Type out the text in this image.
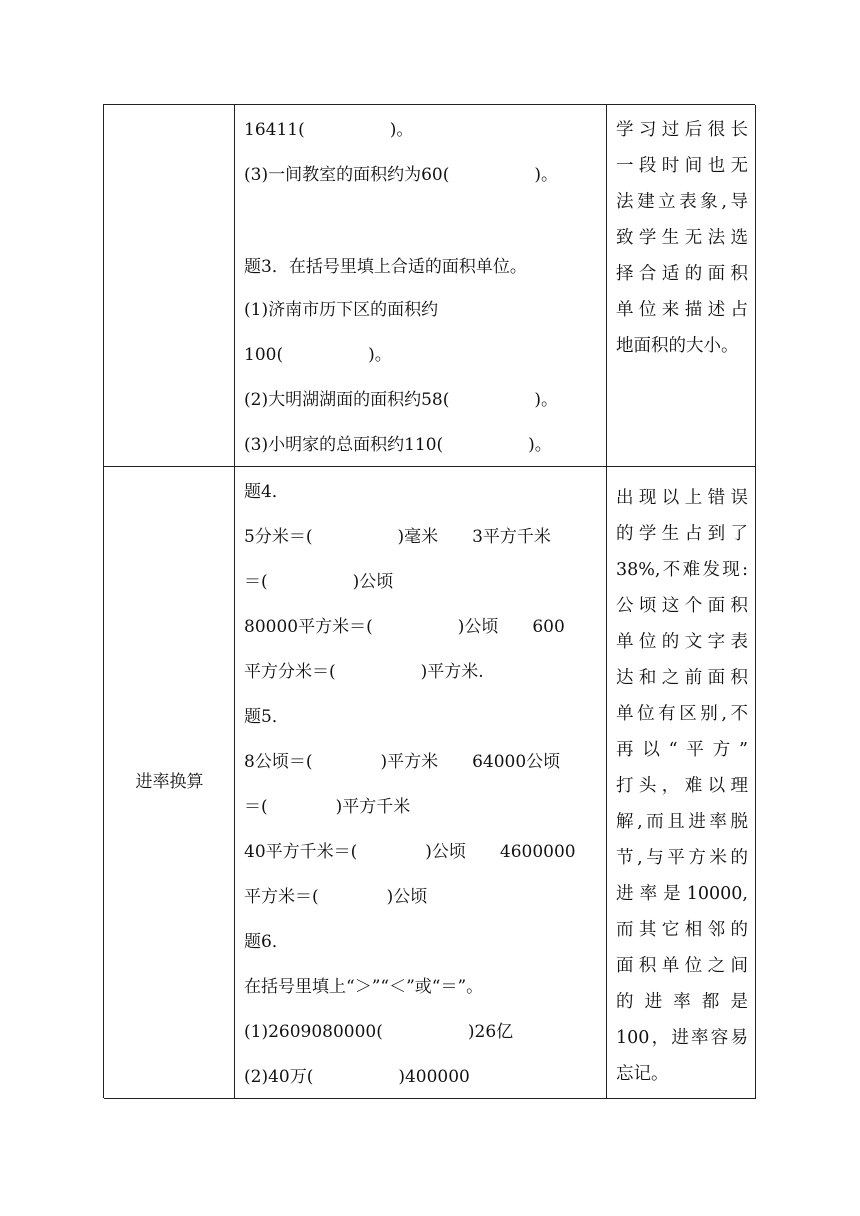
16411(　　　　　)。
(3)一间教室的面积约为60(　　　　　)。
题3．在括号里填上合适的面积单位。
(1)济南市历下区的面积约
100(　　　　　)。
(2)大明湖湖面的面积约58(　　　　　)。
(3)小明家的总面积约110(　　　　　)。
学习过后很长
一段时间也无
法建立表象,导
致学生无法选
择合适的面积
单位来描述占
地面积的大小。
进率换算
题4．
5分米＝(　　　　　)毫米　　3平方千米
＝(　　　　　)公顷
80000平方米＝(　　　　　)公顷　　600
平方分米＝(　　　　　)平方米.
题5．
8公顷＝(　　　　)平方米　　64000公顷
＝(　　　　)平方千米
40平方千米＝(　　　　)公顷　　4600000
平方米＝(　　　　)公顷
题6．
在括号里填上“＞”“＜”或“＝”。
(1)2609080000(　　　　　)26亿
(2)40万(　　　　　)400000
出现以上错误
的学生占到了
38%,不难发现:
公顷这个面积
单位的文字表
达和之前面积
单位有区别,不
再以“平方”
打头，难以理
解,而且进率脱
节,与平方米的
进率是10000,
而其它相邻的
面积单位之间
的进率都是
100，进率容易
忘记。
